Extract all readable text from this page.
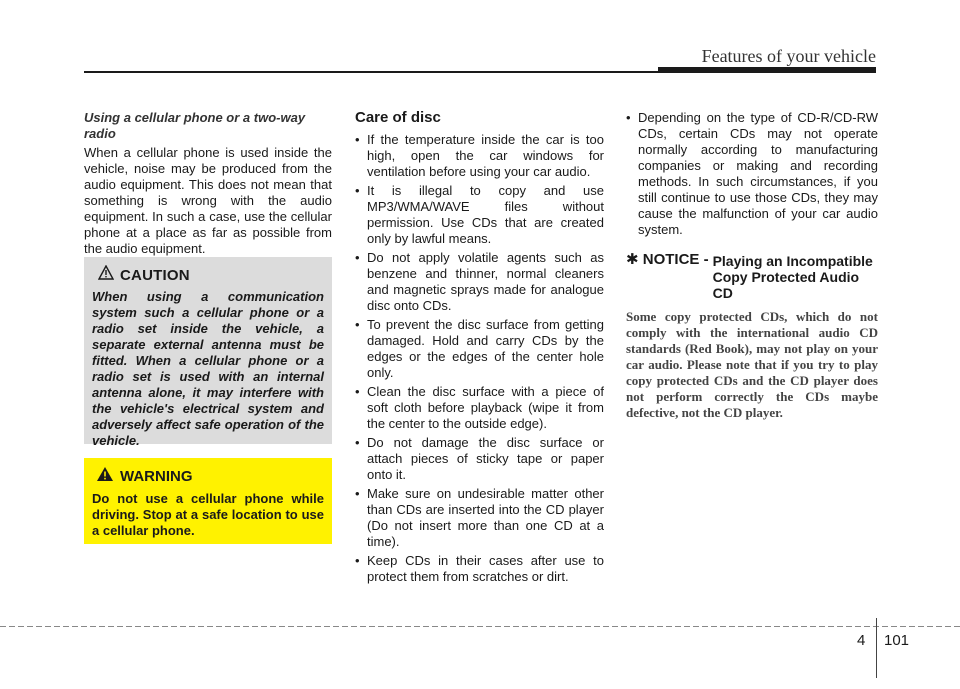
Features of your vehicle

Using a cellular phone or a two-way radio

When a cellular phone is used inside the vehicle, noise may be produced from the audio equipment. This does not mean that something is wrong with the audio equipment. In such a case, use the cellular phone at a place as far as possible from the audio equipment.

CAUTION
When using a communication system such a cellular phone or a radio set inside the vehicle, a separate external antenna must be fitted. When a cellular phone or a radio set is used with an internal antenna alone, it may interfere with the vehicle's electrical system and adversely affect safe operation of the vehicle.
WARNING
Do not use a cellular phone while driving. Stop at a safe location to use a cellular phone.

Care of disc

• If the temperature inside the car is too high, open the car windows for ventilation before using your car audio.
• It is illegal to copy and use MP3/WMA/WAVE files without permission. Use CDs that are created only by lawful means.
• Do not apply volatile agents such as benzene and thinner, normal cleaners and magnetic sprays made for analogue disc onto CDs.
• To prevent the disc surface from getting damaged. Hold and carry CDs by the edges or the edges of the center hole only.
• Clean the disc surface with a piece of soft cloth before playback (wipe it from the center to the outside edge).
• Do not damage the disc surface or attach pieces of sticky tape or paper onto it.
• Make sure on undesirable matter other than CDs are inserted into the CD player (Do not insert more than one CD at a time).
• Keep CDs in their cases after use to protect them from scratches or dirt.
• Depending on the type of CD-R/CD-RW CDs, certain CDs may not operate normally according to manufacturing companies or making and recording methods. In such circumstances, if you still continue to use those CDs, they may cause the malfunction of your car audio system.
✱ NOTICE - Playing an Incompatible Copy Protected Audio CD
Some copy protected CDs, which do not comply with the international audio CD standards (Red Book), may not play on your car audio. Please note that if you try to play copy protected CDs and the CD player does not perform correctly the CDs maybe defective, not the CD player.
4 101
